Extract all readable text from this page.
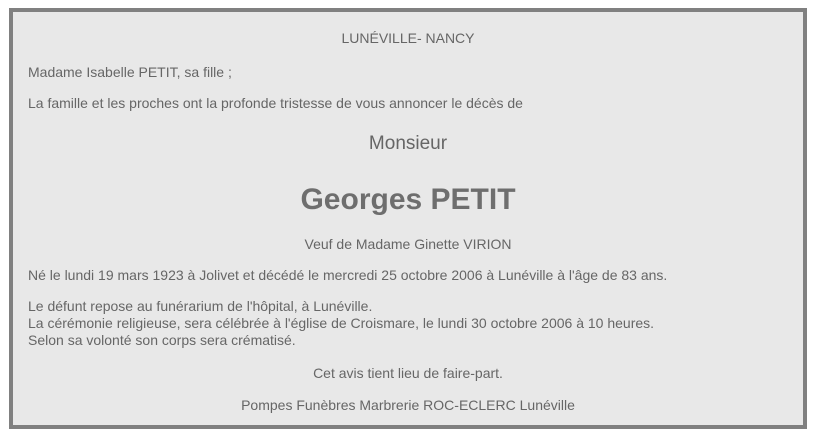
LUNÉVILLE- NANCY
Madame Isabelle PETIT, sa fille ;
La famille et les proches ont la profonde tristesse de vous annoncer le décès de
Monsieur
Georges PETIT
Veuf de Madame Ginette VIRION
Né le lundi 19 mars 1923 à Jolivet et décédé le mercredi 25 octobre 2006 à Lunéville à l'âge de 83 ans.
Le défunt repose au funérarium de l'hôpital, à Lunéville.
La cérémonie religieuse, sera célébrée à l'église de Croismare, le lundi 30 octobre 2006 à 10 heures.
Selon sa volonté son corps sera crématisé.
Cet avis tient lieu de faire-part.
Pompes Funèbres Marbrerie ROC-ECLERC Lunéville
